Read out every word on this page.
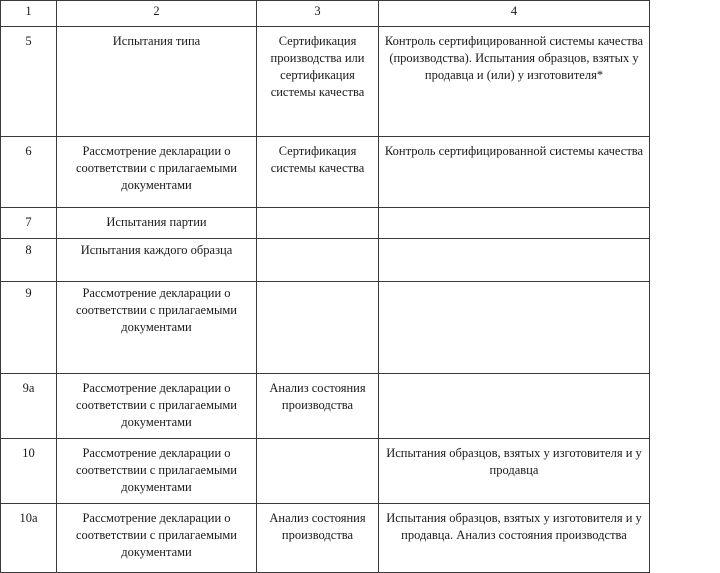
1	2	3	4
5	Испытания типа	Сертификация производства или сертификация системы качества	Контроль сертифицированной системы качества (производства). Испытания образцов, взятых у продавца и (или) у изготовителя*
6	Рассмотрение декларации о соответствии с прилагаемыми документами	Сертификация системы качества	Контроль сертифицированной системы качества
7	Испытания партии		
8	Испытания каждого образца		
9	Рассмотрение декларации о соответствии с прилагаемыми документами		
9а	Рассмотрение декларации о соответствии с прилагаемыми документами	Анализ состояния производства	
10	Рассмотрение декларации о соответствии с прилагаемыми документами		Испытания образцов, взятых у изготовителя и у продавца
10а	Рассмотрение декларации о соответствии с прилагаемыми документами	Анализ состояния производства	Испытания образцов, взятых у изготовителя и у продавца. Анализ состояния производства
